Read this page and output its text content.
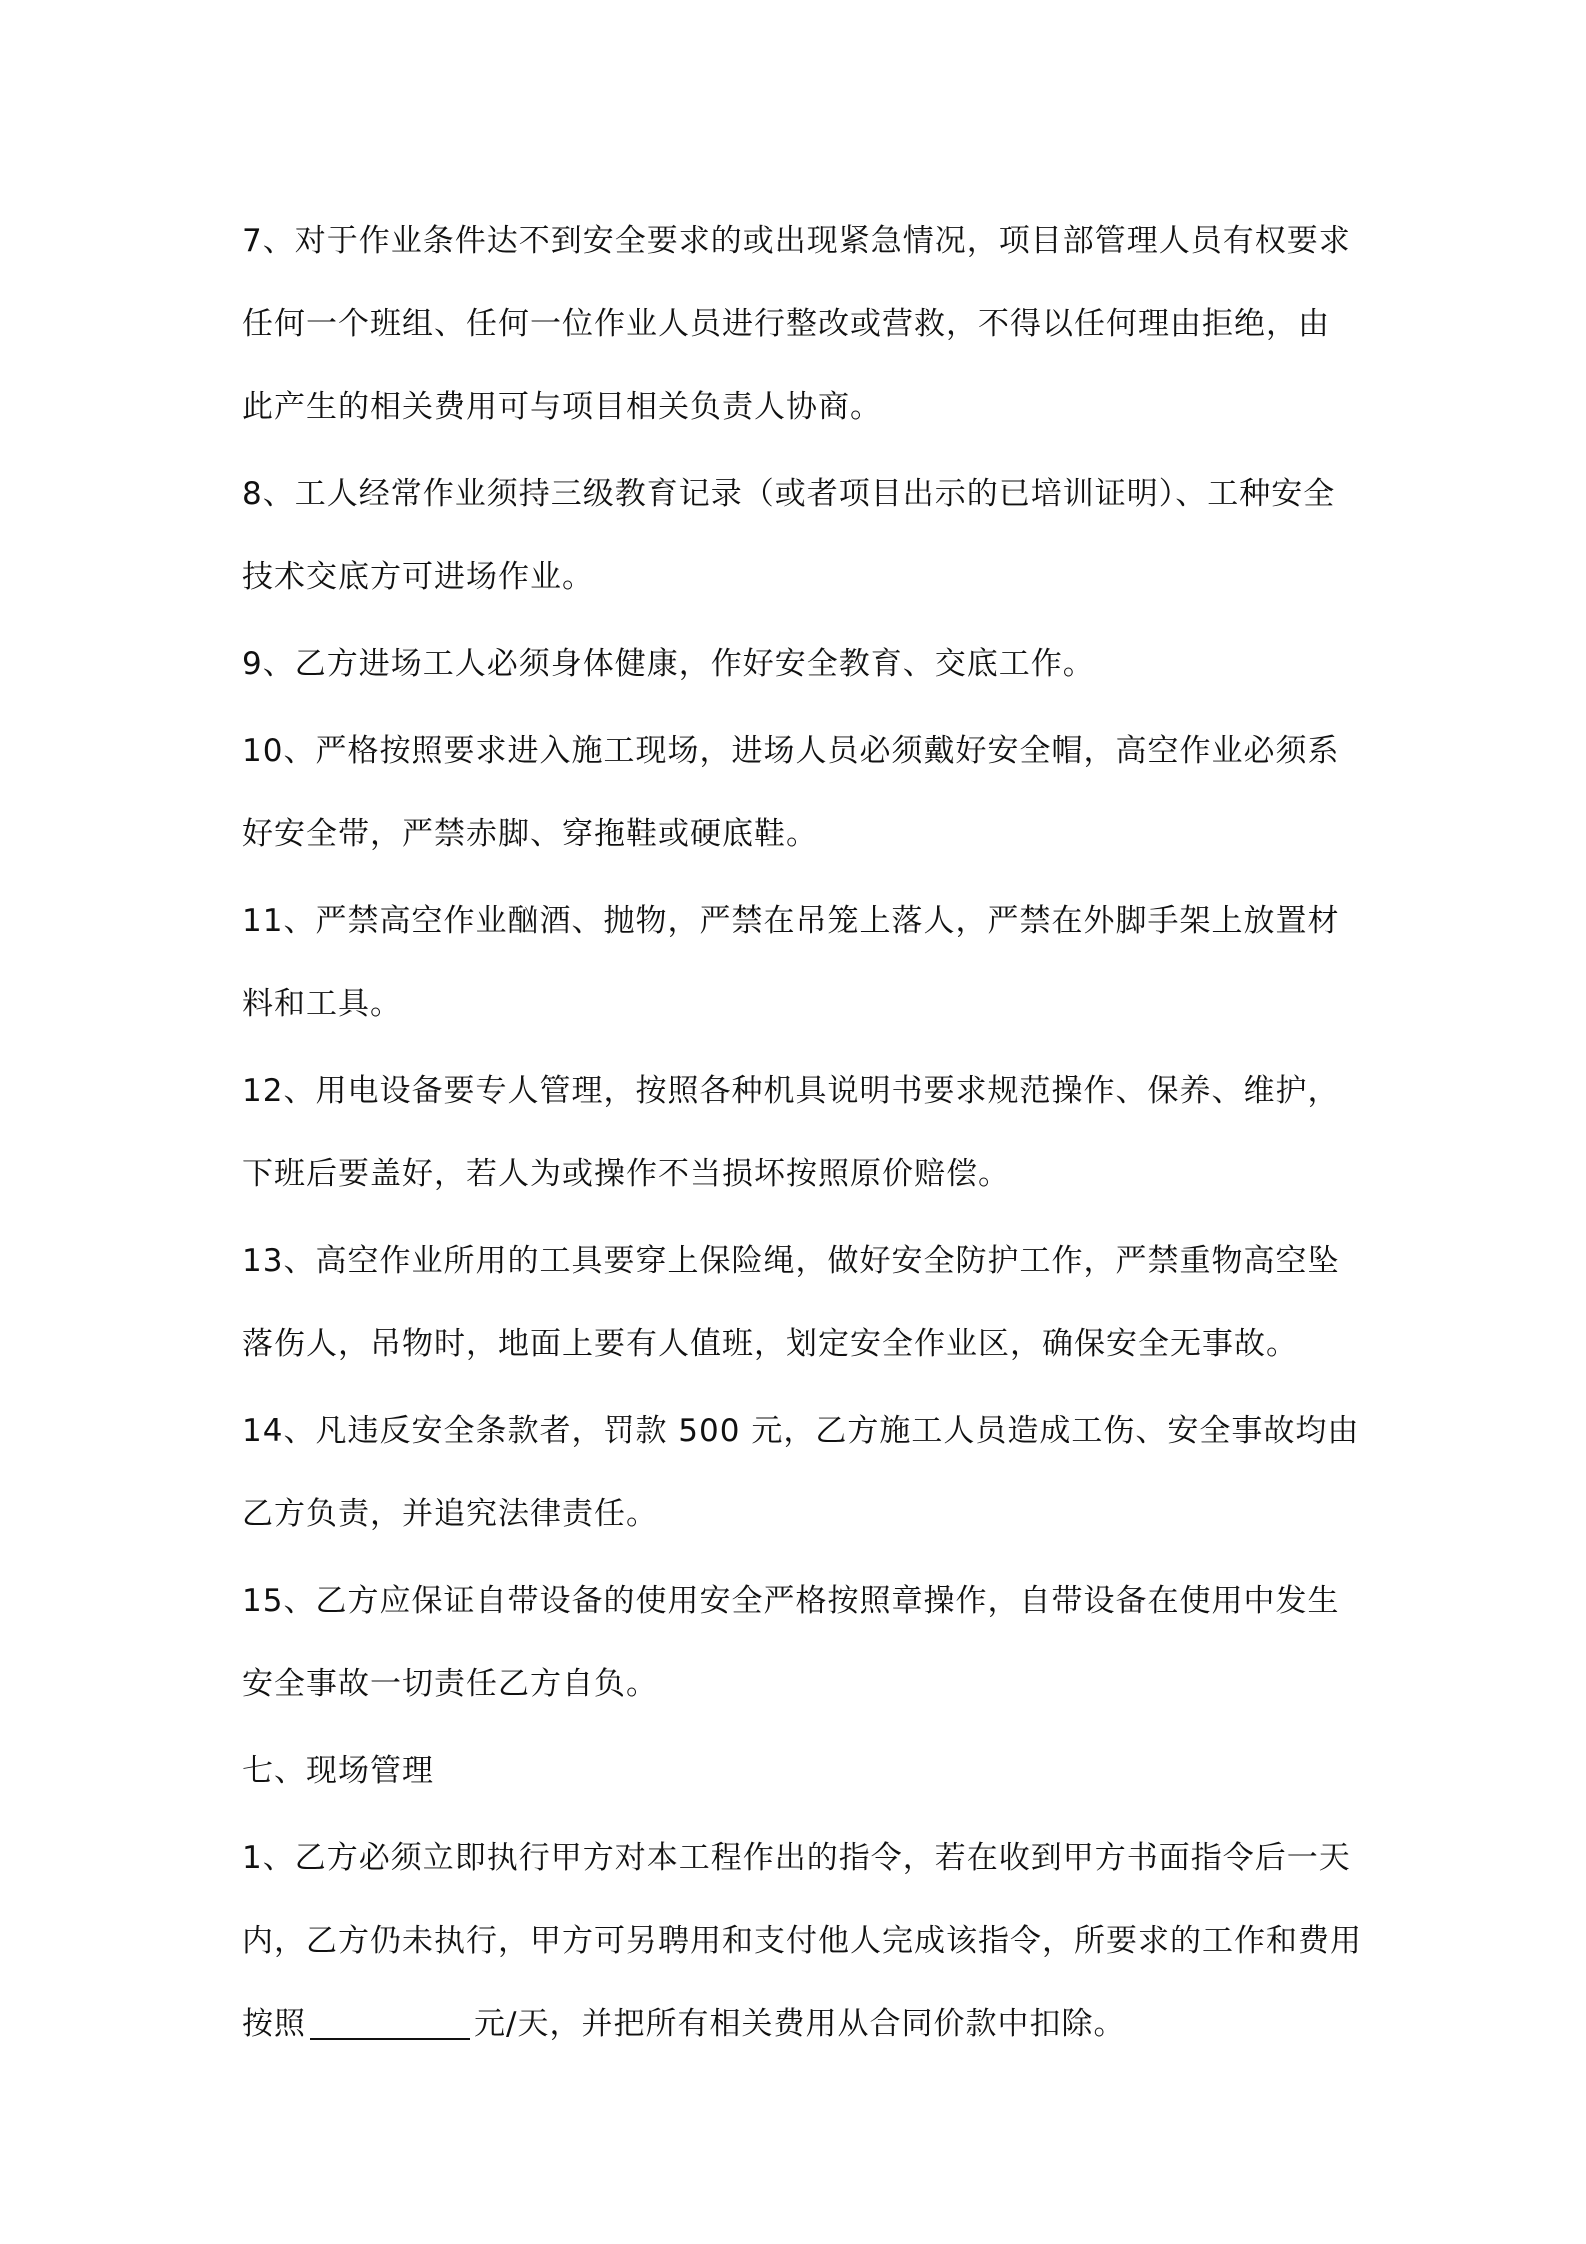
7、对于作业条件达不到安全要求的或出现紧急情况，项目部管理人员有权要求
任何一个班组、任何一位作业人员进行整改或营救，不得以任何理由拒绝，由
此产生的相关费用可与项目相关负责人协商。

8、工人经常作业须持三级教育记录（或者项目出示的已培训证明）、工种安全
技术交底方可进场作业。

9、乙方进场工人必须身体健康，作好安全教育、交底工作。

10、严格按照要求进入施工现场，进场人员必须戴好安全帽，高空作业必须系
好安全带，严禁赤脚、穿拖鞋或硬底鞋。

11、严禁高空作业酗酒、抛物，严禁在吊笼上落人，严禁在外脚手架上放置材
料和工具。

12、用电设备要专人管理，按照各种机具说明书要求规范操作、保养、维护，
下班后要盖好，若人为或操作不当损坏按照原价赔偿。

13、高空作业所用的工具要穿上保险绳，做好安全防护工作，严禁重物高空坠
落伤人，吊物时，地面上要有人值班，划定安全作业区，确保安全无事故。

14、凡违反安全条款者，罚款 500 元，乙方施工人员造成工伤、安全事故均由
乙方负责，并追究法律责任。

15、乙方应保证自带设备的使用安全严格按照章操作，自带设备在使用中发生
安全事故一切责任乙方自负。

七、现场管理

1、乙方必须立即执行甲方对本工程作出的指令，若在收到甲方书面指令后一天
内，乙方仍未执行，甲方可另聘用和支付他人完成该指令，所要求的工作和费用
按照	元/天，并把所有相关费用从合同价款中扣除。
